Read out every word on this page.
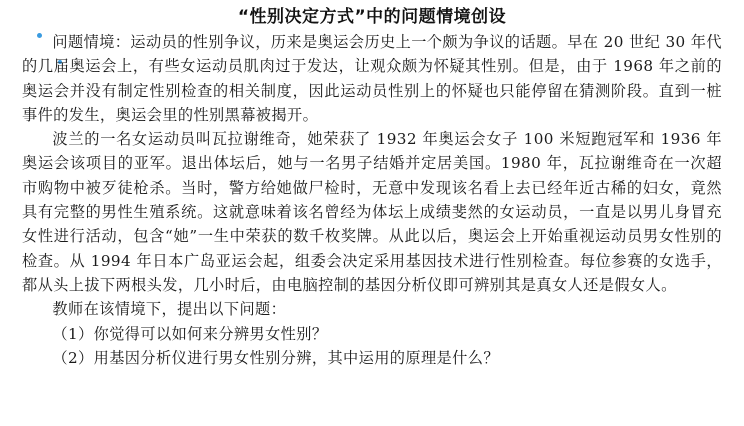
“性别决定方式”中的问题情境创设

问题情境：运动员的性别争议，历来是奥运会历史上一个颇为争议的话题。早在 20 世纪 30 年代的几届奥运会上，有些女运动员肌肉过于发达，让观众颇为怀疑其性别。但是，由于 1968 年之前的奥运会并没有制定性别检查的相关制度，因此运动员性别上的怀疑也只能停留在猜测阶段。直到一桩事件的发生，奥运会里的性别黑幕被揭开。

波兰的一名女运动员叫瓦拉谢维奇，她荣获了 1932 年奥运会女子 100 米短跑冠军和 1936 年奥运会该项目的亚军。退出体坛后，她与一名男子结婚并定居美国。1980 年，瓦拉谢维奇在一次超市购物中被歹徒枪杀。当时，警方给她做尸检时，无意中发现该名看上去已经年近古稀的妇女，竟然具有完整的男性生殖系统。这就意味着该名曾经为体坛上成绩斐然的女运动员，一直是以男儿身冒充女性进行活动，包含“她”一生中荣获的数千枚奖牌。从此以后，奥运会上开始重视运动员男女性别的检查。从 1994 年日本广岛亚运会起，组委会决定采用基因技术进行性别检查。每位参赛的女选手，都从头上拔下两根头发，几小时后，由电脑控制的基因分析仪即可辨别其是真女人还是假女人。

教师在该情境下，提出以下问题：

（1）你觉得可以如何来分辨男女性别？

（2）用基因分析仪进行男女性别分辨，其中运用的原理是什么？
